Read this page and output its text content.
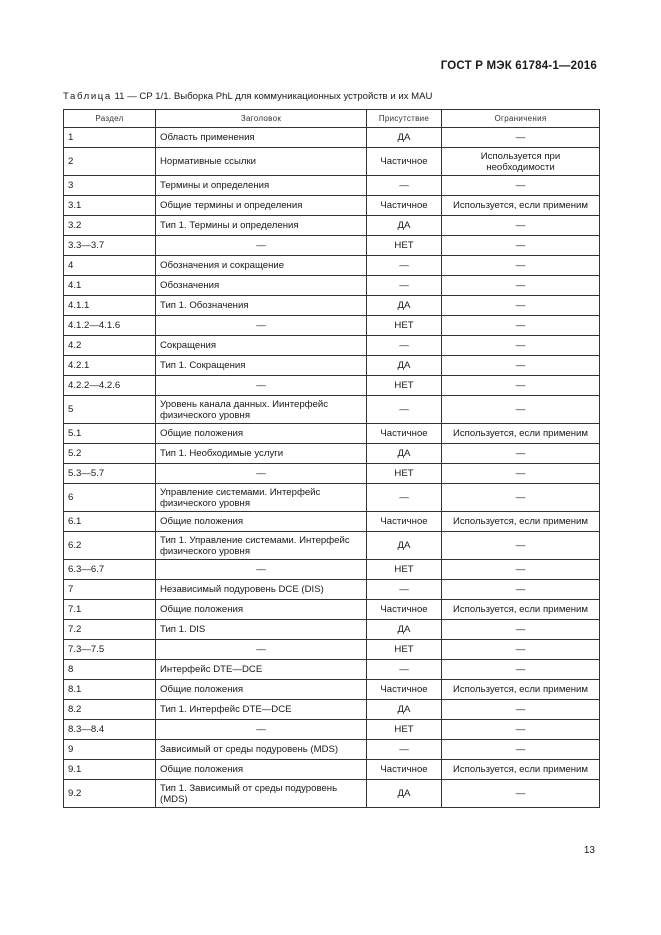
ГОСТ Р МЭК 61784-1—2016
Таблица 11 — CP 1/1. Выборка PhL для коммуникационных устройств и их MAU
Раздел	Заголовок	Присутствие	Ограничения
1	Область применения	ДА	—
2	Нормативные ссылки	Частичное	Используется при необходимости
3	Термины и определения	—	—
3.1	Общие термины и определения	Частичное	Используется, если применим
3.2	Тип 1. Термины и определения	ДА	—
3.3—3.7	—	НЕТ	—
4	Обозначения и сокращение	—	—
4.1	Обозначения	—	—
4.1.1	Тип 1. Обозначения	ДА	—
4.1.2—4.1.6	—	НЕТ	—
4.2	Сокращения	—	—
4.2.1	Тип 1. Сокращения	ДА	—
4.2.2—4.2.6	—	НЕТ	—
5	Уровень канала данных. Иинтерфейс физического уровня	—	—
5.1	Общие положения	Частичное	Используется, если применим
5.2	Тип 1. Необходимые услуги	ДА	—
5.3—5.7	—	НЕТ	—
6	Управление системами. Интерфейс физического уровня	—	—
6.1	Общие положения	Частичное	Используется, если применим
6.2	Тип 1. Управление системами. Интерфейс физического уровня	ДА	—
6.3—6.7	—	НЕТ	—
7	Независимый подуровень DCE (DIS)	—	—
7.1	Общие положения	Частичное	Используется, если применим
7.2	Тип 1. DIS	ДА	—
7.3—7.5	—	НЕТ	—
8	Интерфейс DTE—DCE	—	—
8.1	Общие положения	Частичное	Используется, если применим
8.2	Тип 1. Интерфейс DTE—DCE	ДА	—
8.3—8.4	—	НЕТ	—
9	Зависимый от среды подуровень (MDS)	—	—
9.1	Общие положения	Частичное	Используется, если применим
9.2	Тип 1. Зависимый от среды подуровень (MDS)	ДА	—
13
